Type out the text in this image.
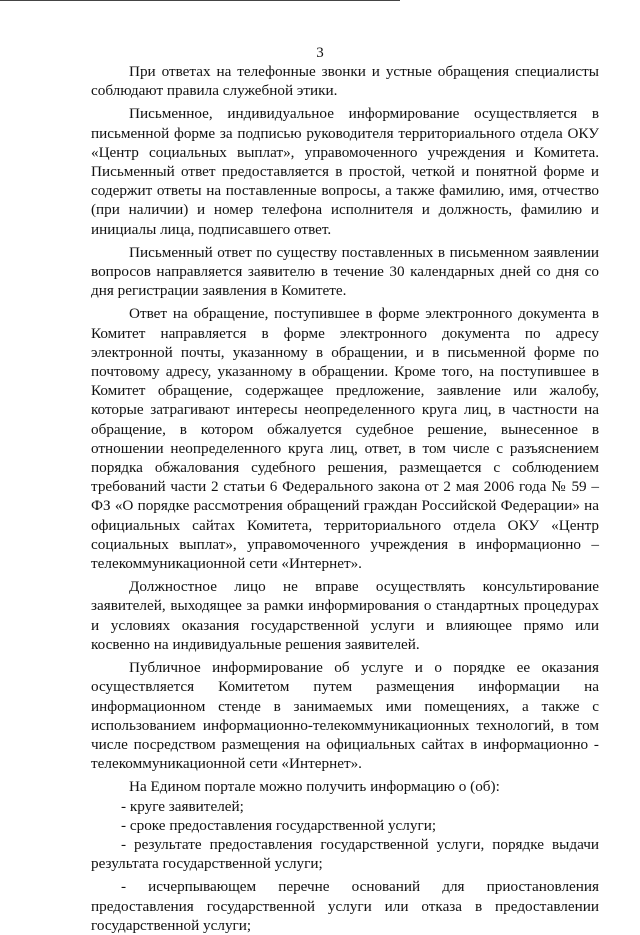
3

При ответах на телефонные звонки и устные обращения специалисты соблюдают правила служебной этики.

Письменное, индивидуальное информирование осуществляется в письменной форме за подписью руководителя территориального отдела ОКУ «Центр социальных выплат», управомоченного учреждения и Комитета. Письменный ответ предоставляется в простой, четкой и понятной форме и содержит ответы на поставленные вопросы, а также фамилию, имя, отчество (при наличии) и номер телефона исполнителя и должность, фамилию и инициалы лица, подписавшего ответ.

Письменный ответ по существу поставленных в письменном заявлении вопросов направляется заявителю в течение 30 календарных дней со дня со дня регистрации заявления в Комитете.

Ответ на обращение, поступившее в форме электронного документа в Комитет направляется в форме электронного документа по адресу электронной почты, указанному в обращении, и в письменной форме по почтовому адресу, указанному в обращении. Кроме того, на поступившее в Комитет обращение, содержащее предложение, заявление или жалобу, которые затрагивают интересы неопределенного круга лиц, в частности на обращение, в котором обжалуется судебное решение, вынесенное в отношении неопределенного круга лиц, ответ, в том числе с разъяснением порядка обжалования судебного решения, размещается с соблюдением требований части 2 статьи 6 Федерального закона от 2 мая 2006 года № 59 – ФЗ «О порядке рассмотрения обращений граждан Российской Федерации» на официальных сайтах Комитета, территориального отдела ОКУ «Центр социальных выплат», управомоченного учреждения в информационно – телекоммуникационной сети «Интернет».

Должностное лицо не вправе осуществлять консультирование заявителей, выходящее за рамки информирования о стандартных процедурах и условиях оказания государственной услуги и влияющее прямо или косвенно на индивидуальные решения заявителей.

Публичное информирование об услуге и о порядке ее оказания осуществляется Комитетом путем размещения информации на информационном стенде в занимаемых ими помещениях, а также с использованием информационно-телекоммуникационных технологий, в том числе посредством размещения на официальных сайтах в информационно - телекоммуникационной сети «Интернет».

На Едином портале можно получить информацию о (об):

- круге заявителей;

- сроке предоставления государственной услуги;

- результате предоставления государственной услуги, порядке выдачи результата государственной услуги;

- исчерпывающем перечне оснований для приостановления предоставления государственной услуги или отказа в предоставлении государственной услуги;
